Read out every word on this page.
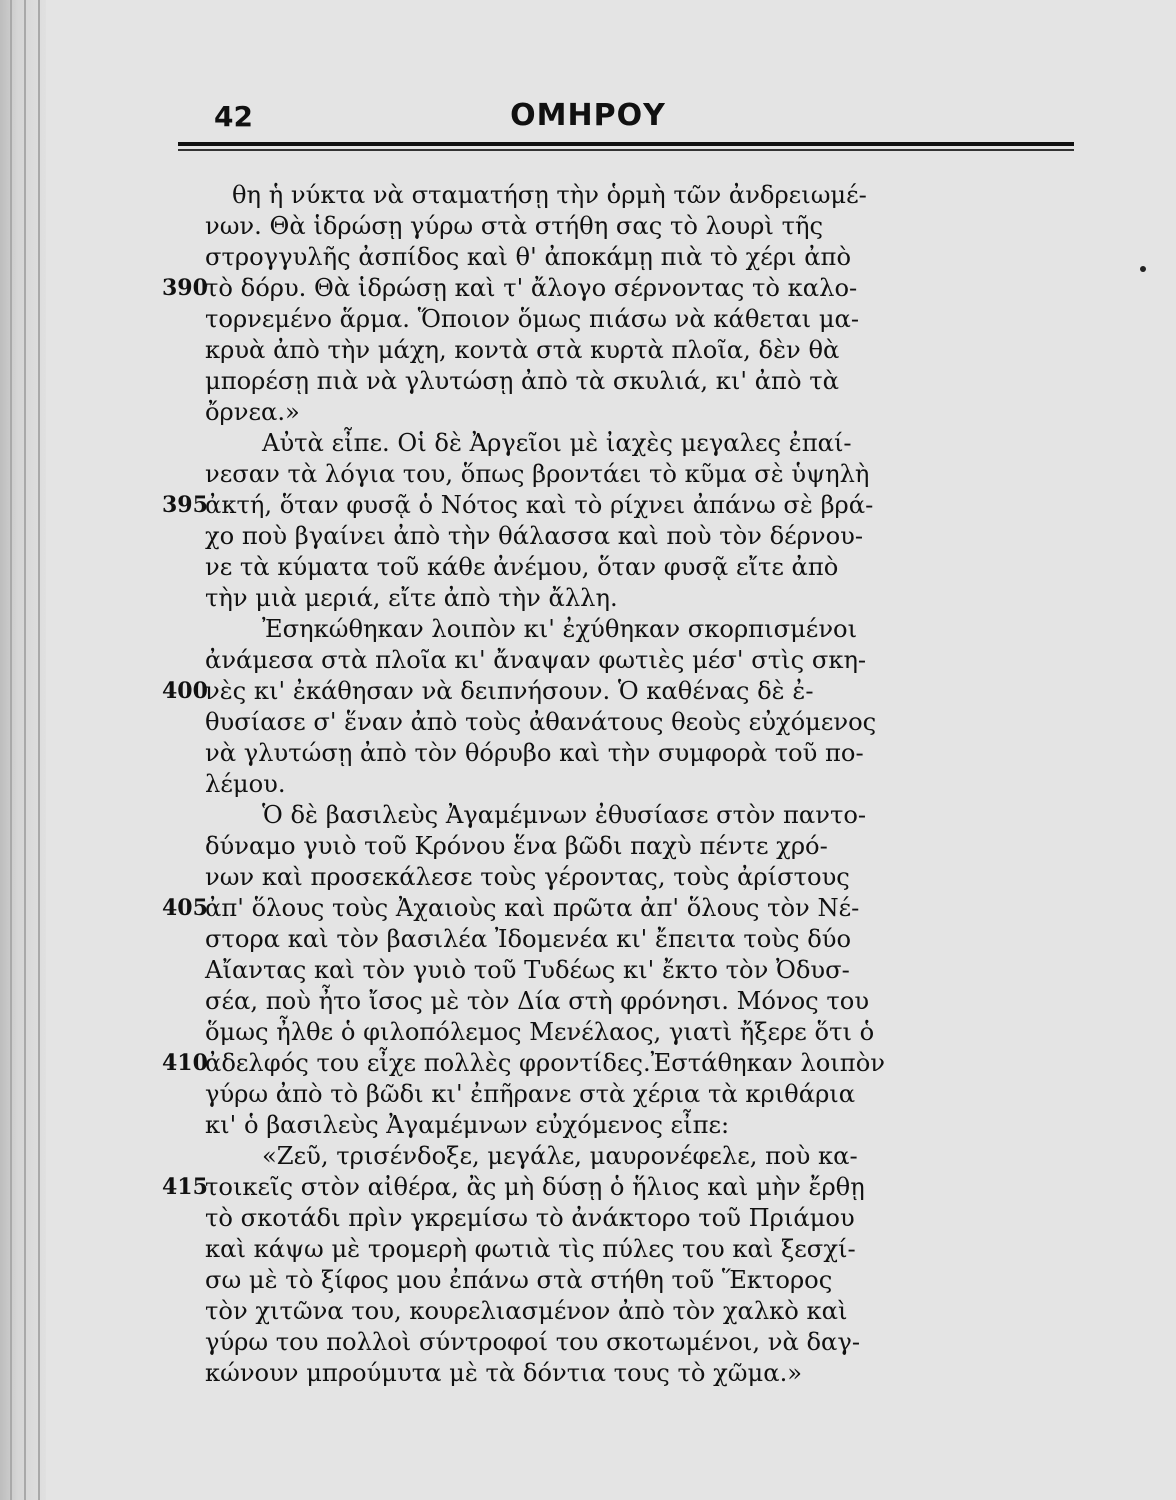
42	ΟΜΗΡΟΥ
θη ἡ νύκτα νὰ σταματήσῃ τὴν ὁρμὴ τῶν ἀνδρειωμέ-
νων. Θὰ ἱδρώσῃ γύρω στὰ στήθη σας τὸ λουρὶ τῆς
στρογγυλῆς ἀσπίδος καὶ θ' ἀποκάμῃ πιὰ τὸ χέρι ἀπὸ
τὸ δόρυ. Θὰ ἱδρώσῃ καὶ τ' ἄλογο σέρνοντας τὸ καλο-
τορνεμένο ἅρμα. Ὅποιον ὅμως πιάσω νὰ κάθεται μα-
κρυὰ ἀπὸ τὴν μάχη, κοντὰ στὰ κυρτὰ πλοῖα, δὲν θὰ
μπορέσῃ πιὰ νὰ γλυτώσῃ ἀπὸ τὰ σκυλιά, κι' ἀπὸ τὰ
ὄρνεα.»
Αὐτὰ εἶπε. Οἱ δὲ Ἀργεῖοι μὲ ἰαχὲς μεγαλες ἐπαί-
νεσαν τὰ λόγια του, ὅπως βροντάει τὸ κῦμα σὲ ὑψηλὴ
ἀκτή, ὅταν φυσᾷ ὁ Νότος καὶ τὸ ρίχνει ἀπάνω σὲ βρά-
χο ποὺ βγαίνει ἀπὸ τὴν θάλασσα καὶ ποὺ τὸν δέρνου-
νε τὰ κύματα τοῦ κάθε ἀνέμου, ὅταν φυσᾷ εἴτε ἀπὸ
τὴν μιὰ μεριά, εἴτε ἀπὸ τὴν ἄλλη.
Ἐσηκώθηκαν λοιπὸν κι' ἐχύθηκαν σκορπισμένοι
ἀνάμεσα στὰ πλοῖα κι' ἄναψαν φωτιὲς μέσ' στὶς σκη-
νὲς κι' ἐκάθησαν νὰ δειπνήσουν. Ὁ καθένας δὲ ἐ-
θυσίασε σ' ἕναν ἀπὸ τοὺς ἀθανάτους θεοὺς εὐχόμενος
νὰ γλυτώσῃ ἀπὸ τὸν θόρυβο καὶ τὴν συμφορὰ τοῦ πο-
λέμου.
Ὁ δὲ βασιλεὺς Ἀγαμέμνων ἐθυσίασε στὸν παντο-
δύναμο γυιὸ τοῦ Κρόνου ἕνα βῶδι παχὺ πέντε χρό-
νων καὶ προσεκάλεσε τοὺς γέροντας, τοὺς ἀρίστους
ἀπ' ὅλους τοὺς Ἀχαιοὺς καὶ πρῶτα ἀπ' ὅλους τὸν Νέ-
στορα καὶ τὸν βασιλέα Ἰδομενέα κι' ἔπειτα τοὺς δύο
Αἴαντας καὶ τὸν γυιὸ τοῦ Τυδέως κι' ἔκτο τὸν Ὀδυσ-
σέα, ποὺ ἦτο ἴσος μὲ τὸν Δία στὴ φρόνησι. Μόνος του
ὅμως ἦλθε ὁ φιλοπόλεμος Μενέλαος, γιατὶ ἤξερε ὅτι ὁ
ἀδελφός του εἶχε πολλὲς φροντίδες.Ἐστάθηκαν λοιπὸν
γύρω ἀπὸ τὸ βῶδι κι' ἐπῆρανε στὰ χέρια τὰ κριθάρια
κι' ὁ βασιλεὺς Ἀγαμέμνων εὐχόμενος εἶπε:
«Ζεῦ, τρισένδοξε, μεγάλε, μαυρονέφελε, ποὺ κα-
τοικεῖς στὸν αἰθέρα, ἂς μὴ δύσῃ ὁ ἥλιος καὶ μὴν ἔρθῃ
τὸ σκοτάδι πρὶν γκρεμίσω τὸ ἀνάκτορο τοῦ Πριάμου
καὶ κάψω μὲ τρομερὴ φωτιὰ τὶς πύλες του καὶ ξεσχί-
σω μὲ τὸ ξίφος μου ἐπάνω στὰ στήθη τοῦ Ἕκτορος
τὸν χιτῶνα του, κουρελιασμένον ἀπὸ τὸν χαλκὸ καὶ
γύρω του πολλοὶ σύντροφοί του σκοτωμένοι, νὰ δαγ-
κώνουν μπρούμυτα μὲ τὰ δόντια τους τὸ χῶμα.»
390
395
400
405
410
415
